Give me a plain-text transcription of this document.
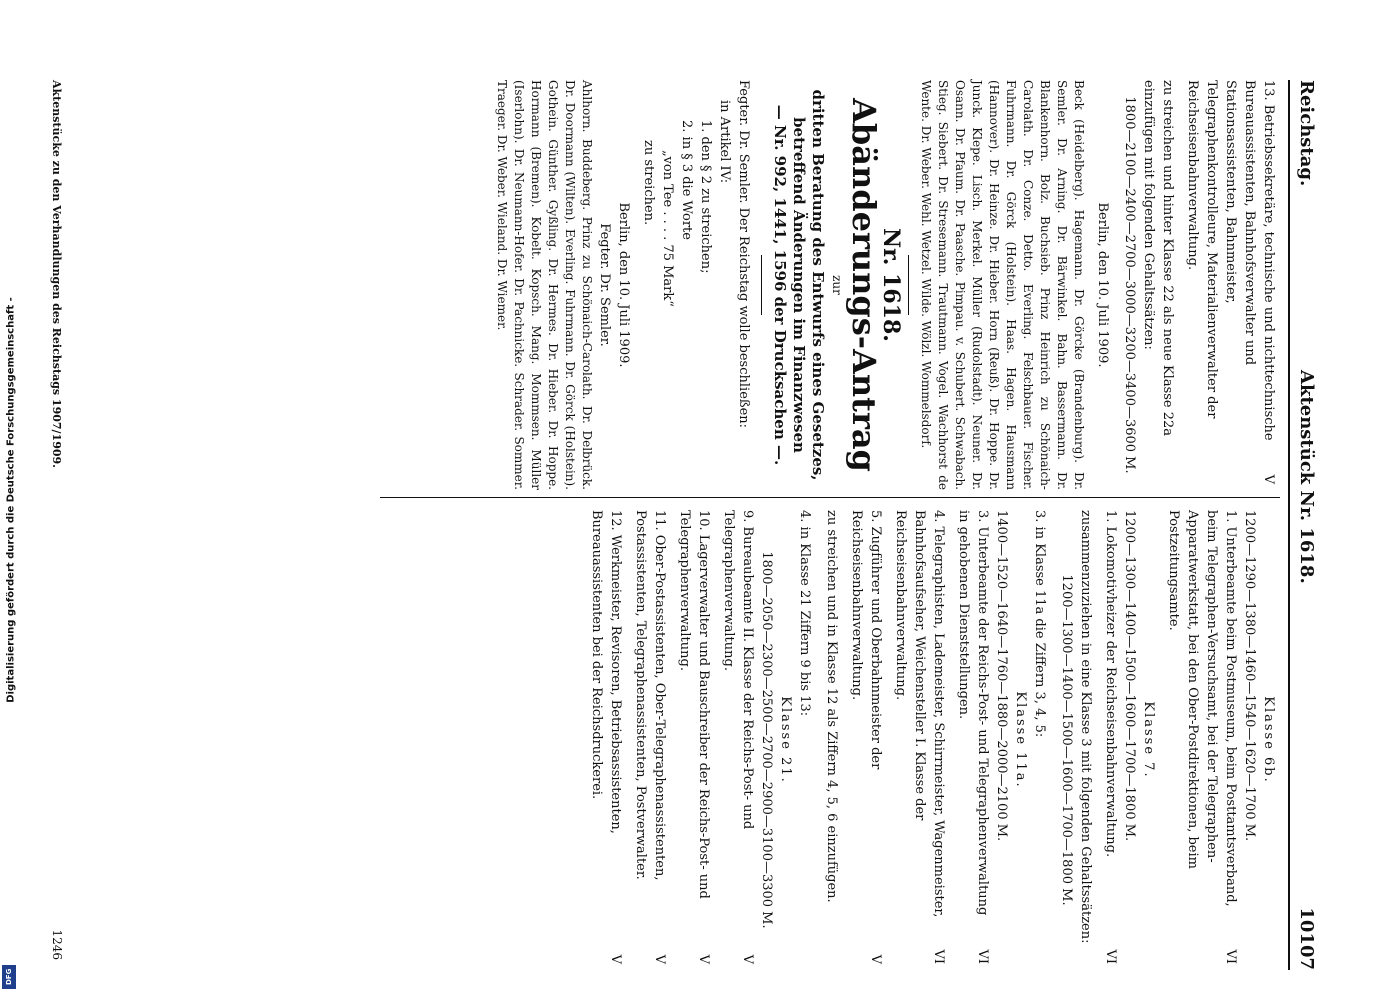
Digitalisierung gefördert durch die Deutsche Forschungsgemeinschaft -
DFG
Reichstag.
Aktenstück Nr. 1618.
10107
13. Betriebssekretäre, technische und nichttechnische Bureauassistenten, Bahnhofsverwalter und Stationsassistenten, Bahnmeister, Telegraphenkontrolleure, Materialienverwalter der Reichseisenbahnverwaltung.
V
zu streichen und hinter Klasse 22 als neue Klasse 22a einzufügen mit folgenden Gehaltssätzen:
1800—2100—2400—2700—3000—3200—3400—3600 M.
Berlin, den 10. Juli 1909.
Beck (Heidelberg). Hagemann. Dr. Görcke (Brandenburg). Dr. Semler. Dr. Arning. Dr. Bärwinkel. Bahn. Bassermann. Dr. Blankenhorn. Bolz. Buchsieb. Prinz Heinrich zu Schönaich-Carolath. Dr. Conze. Detto. Everling. Felschbauer. Fischer. Fuhrmann. Dr. Görck (Holstein). Haas. Hagen. Hausmann (Hannover). Dr. Heinze. Dr. Hieber. Horn (Reuß). Dr. Hoppe. Dr. Junck. Klepe. Lisch. Merkel. Müller (Rudolstadt). Neuner. Dr. Osann. Dr. Pfaum. Dr. Paasche. Pimpau. v. Schubert. Schwabach. Stieg. Siebert. Dr. Stresemann. Trautmann. Vogel. Wachhorst de Wente. Dr. Weber. Wehl. Wetzel. Wilde. Wölzl. Wommelsdorf.
Nr. 1618.
Abänderungs-Antrag
zur
dritten Beratung des Entwurfs eines Gesetzes, betreffend Änderungen im Finanzwesen
— Nr. 992, 1441, 1596 der Drucksachen —.
Fegter. Dr. Semler. Der Reichstag wolle beschließen:
in Artikel IV:
1. den § 2 zu streichen;
2. in § 3 die Worte
„von Tee . . . . 75 Mark“
zu streichen.
Berlin, den 10. Juli 1909.
Fegter. Dr. Semler.
Ahlhorn. Buddeberg. Prinz zu Schönaich-Carolath. Dr. Delbrück. Dr. Doormann (Wilten). Everling. Fuhrmann. Dr. Görck (Holstein). Gothein. Günther. Gyßling. Dr. Hermes. Dr. Hieber. Dr. Hoppe. Hormann (Bremen). Kobelt. Kopsch. Mang. Mommsen. Müller (Iserlohn). Dr. Neumann-Hofer. Dr. Pachnicke. Schrader. Sommer. Traeger. Dr. Weber. Wieland. Dr. Wiemer.
Klasse 6b.
1200—1290—1380—1460—1540—1620—1700 M.
1. Unterbeamte beim Postmuseum, beim Posttamtsverband, beim Telegraphen-Versuchsamt, bei der Telegraphen-Apparatwerkstatt, bei den Ober-Postdirektionen, beim Postzeitungsamte.
VI
Klasse 7.
1200—1300—1400—1500—1600—1700—1800 M.
1. Lokomotivheizer der Reichseisenbahnverwaltung.
VI
zusammenzuziehen in eine Klasse 3 mit folgenden Gehaltssätzen:
1200—1300—1400—1500—1600—1700—1800 M.
3. in Klasse 11a die Ziffern 3, 4, 5:
Klasse 11a.
1400—1520—1640—1760—1880—2000—2100 M.
3. Unterbeamte der Reichs-Post- und Telegraphenverwaltung in gehobenen Dienststellungen.
VI
4. Telegraphisten, Lademeister, Schirrmeister, Wagenmeister, Bahnhofsaufseher, Weichensteller I. Klasse der Reichseisenbahnverwaltung.
VI
5. Zugführer und Oberbahnmeister der Reichseisenbahnverwaltung.
V
zu streichen und in Klasse 12 als Ziffern 4, 5, 6 einzufügen.
4. in Klasse 21 Ziffern 9 bis 13:
Klasse 21.
1800—2050—2300—2500—2700—2900—3100—3300 M.
9. Bureaubeamte II. Klasse der Reichs-Post- und Telegraphenverwaltung.
V
10. Lagerverwalter und Bauschreiber der Reichs-Post- und Telegraphenverwaltung.
V
11. Ober-Postassistenten, Ober-Telegraphenassistenten, Postassistenten, Telegraphenassistenten, Postverwalter.
V
12. Werkmeister, Revisoren, Betriebsassistenten, Bureauassistenten bei der Reichsdruckerei.
V
Aktenstücke zu den Verhandlungen des Reichstags 1907/1909.
1246
